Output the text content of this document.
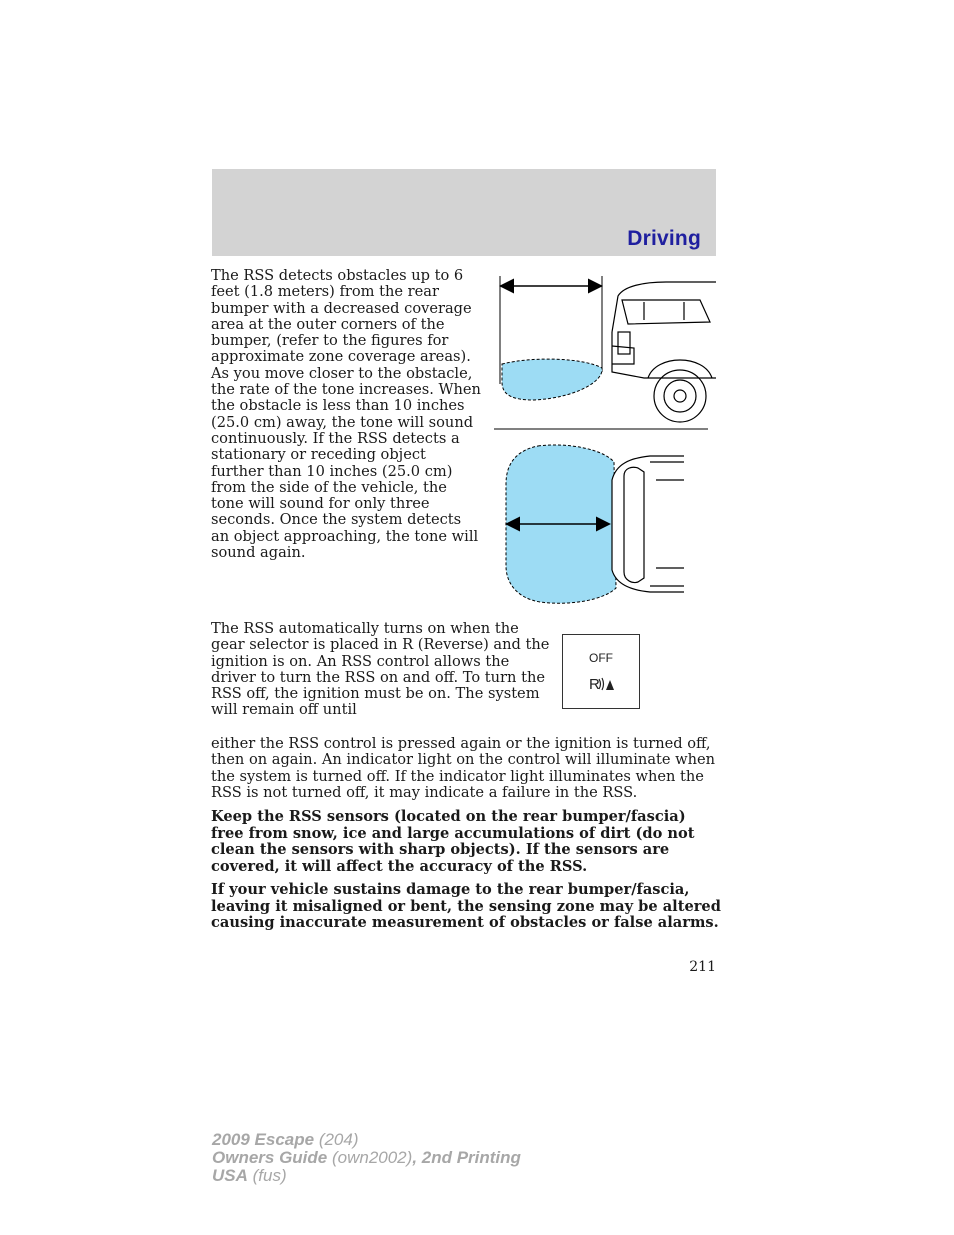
Driving
The RSS detects obstacles up to 6 feet (1.8 meters) from the rear bumper with a decreased coverage area at the outer corners of the bumper, (refer to the figures for approximate zone coverage areas). As you move closer to the obstacle, the rate of the tone increases. When the obstacle is less than 10 inches (25.0 cm) away, the tone will sound continuously. If the RSS detects a stationary or receding object further than 10 inches (25.0 cm) from the side of the vehicle, the tone will sound for only three seconds. Once the system detects an object approaching, the tone will sound again.
The RSS automatically turns on when the gear selector is placed in R (Reverse) and the ignition is on. An RSS control allows the driver to turn the RSS on and off. To turn the RSS off, the ignition must be on. The system will remain off until
OFF
R
either the RSS control is pressed again or the ignition is turned off, then on again. An indicator light on the control will illuminate when the system is turned off. If the indicator light illuminates when the RSS is not turned off, it may indicate a failure in the RSS.
Keep the RSS sensors (located on the rear bumper/fascia) free from snow, ice and large accumulations of dirt (do not clean the sensors with sharp objects). If the sensors are covered, it will affect the accuracy of the RSS.
If your vehicle sustains damage to the rear bumper/fascia, leaving it misaligned or bent, the sensing zone may be altered causing inaccurate measurement of obstacles or false alarms.
211
2009 Escape (204)
Owners Guide (own2002), 2nd Printing
USA (fus)
